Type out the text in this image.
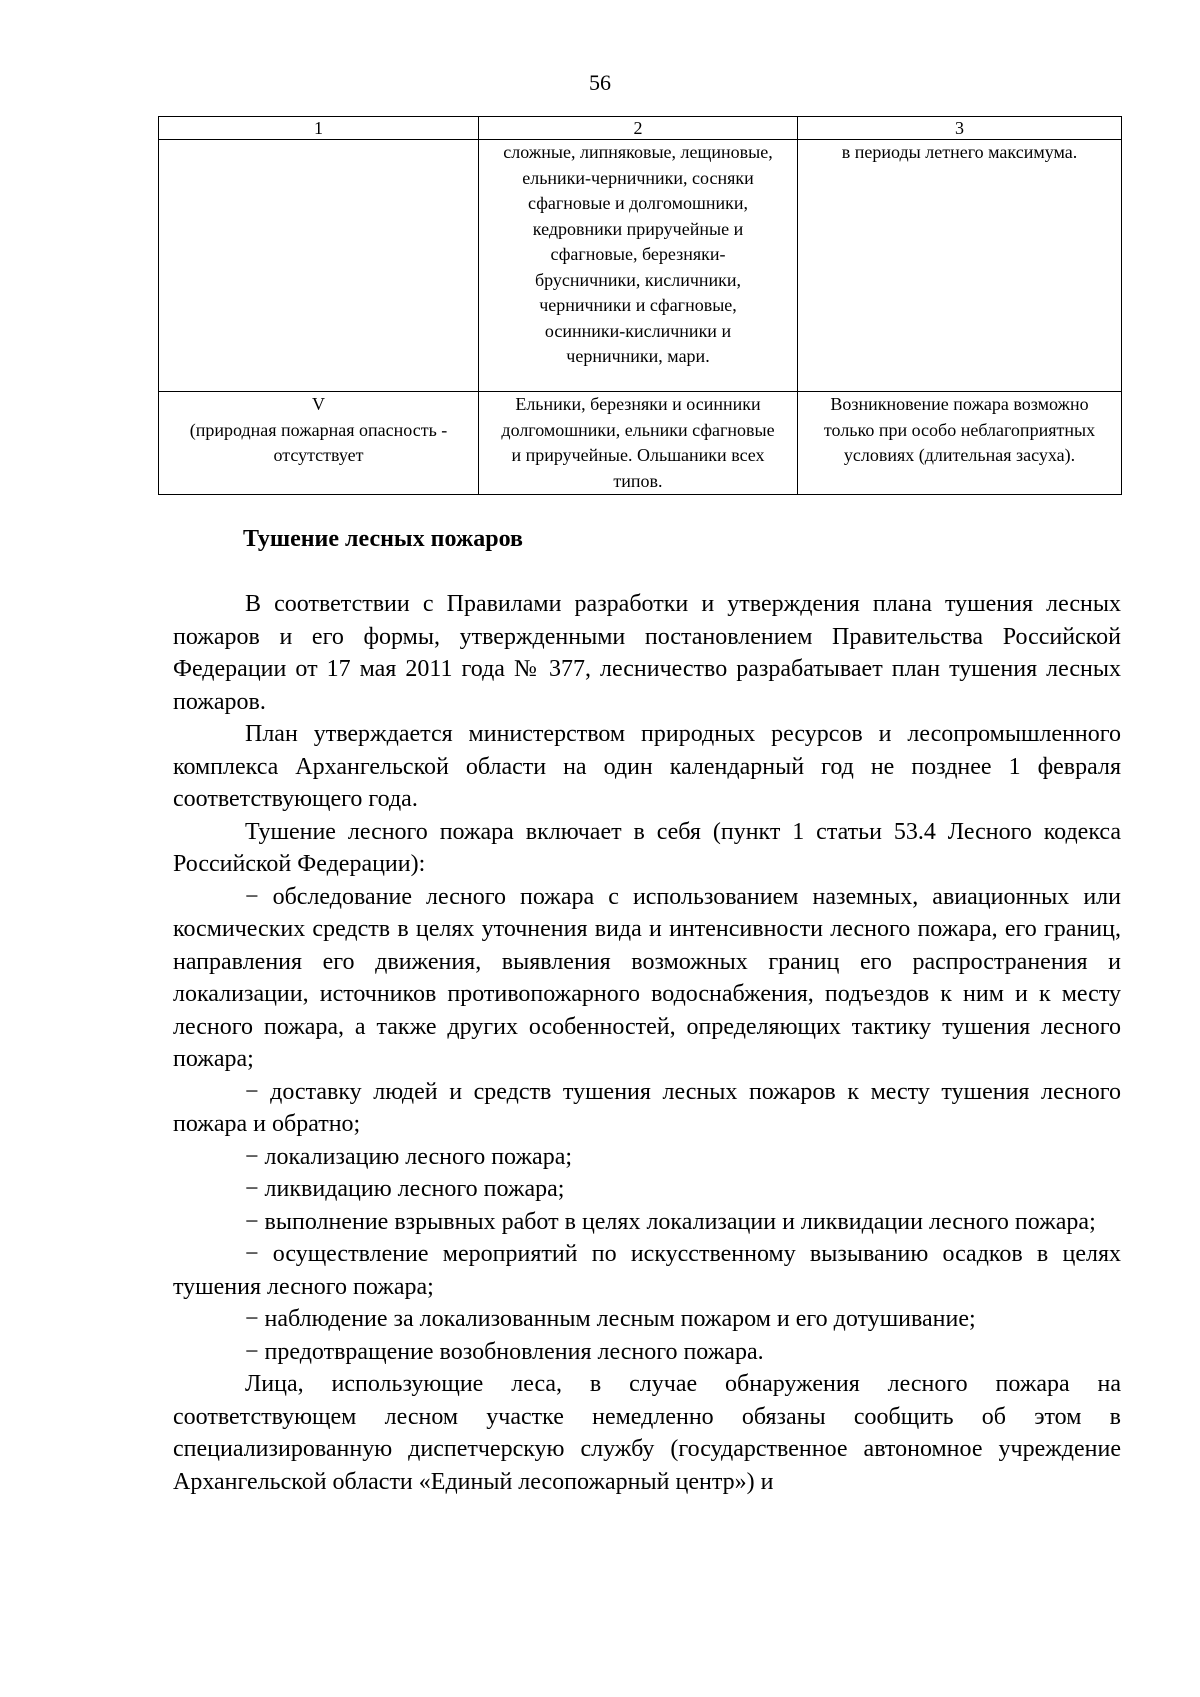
56
1	2	3
	сложные, липняковые, лещиновые, ельники-черничники, сосняки сфагновые и долгомошники, кедровники приручейные и сфагновые, березняки-брусничники, кисличники, черничники и сфагновые, осинники-кисличники и черничники, мари.	в периоды летнего максимума.

V
(природная пожарная опасность - отсутствует	Ельники, березняки и осинники долгомошники, ельники сфагновые и приручейные. Ольшаники всех типов.	Возникновение пожара возможно только при особо неблагоприятных условиях (длительная засуха).
Тушение лесных пожаров

В соответствии с Правилами разработки и утверждения плана тушения лесных пожаров и его формы, утвержденными постановлением Правительства Российской Федерации от 17 мая 2011 года № 377, лесничество разрабатывает план тушения лесных пожаров.

План утверждается министерством природных ресурсов и лесопромышленного комплекса Архангельской области на один календарный год не позднее 1 февраля соответствующего года.

Тушение лесного пожара включает в себя (пункт 1 статьи 53.4 Лесного кодекса Российской Федерации):

− обследование лесного пожара с использованием наземных, авиационных или космических средств в целях уточнения вида и интенсивности лесного пожара, его границ, направления его движения, выявления возможных границ его распространения и локализации, источников противопожарного водоснабжения, подъездов к ним и к месту лесного пожара, а также других особенностей, определяющих тактику тушения лесного пожара;

− доставку людей и средств тушения лесных пожаров к месту тушения лесного пожара и обратно;

− локализацию лесного пожара;

− ликвидацию лесного пожара;

− выполнение взрывных работ в целях локализации и ликвидации лесного пожара;

− осуществление мероприятий по искусственному вызыванию осадков в целях тушения лесного пожара;

− наблюдение за локализованным лесным пожаром и его дотушивание;

− предотвращение возобновления лесного пожара.

Лица, использующие леса, в случае обнаружения лесного пожара на соответствующем лесном участке немедленно обязаны сообщить об этом в специализированную диспетчерскую службу (государственное автономное учреждение Архангельской области «Единый лесопожарный центр») и
